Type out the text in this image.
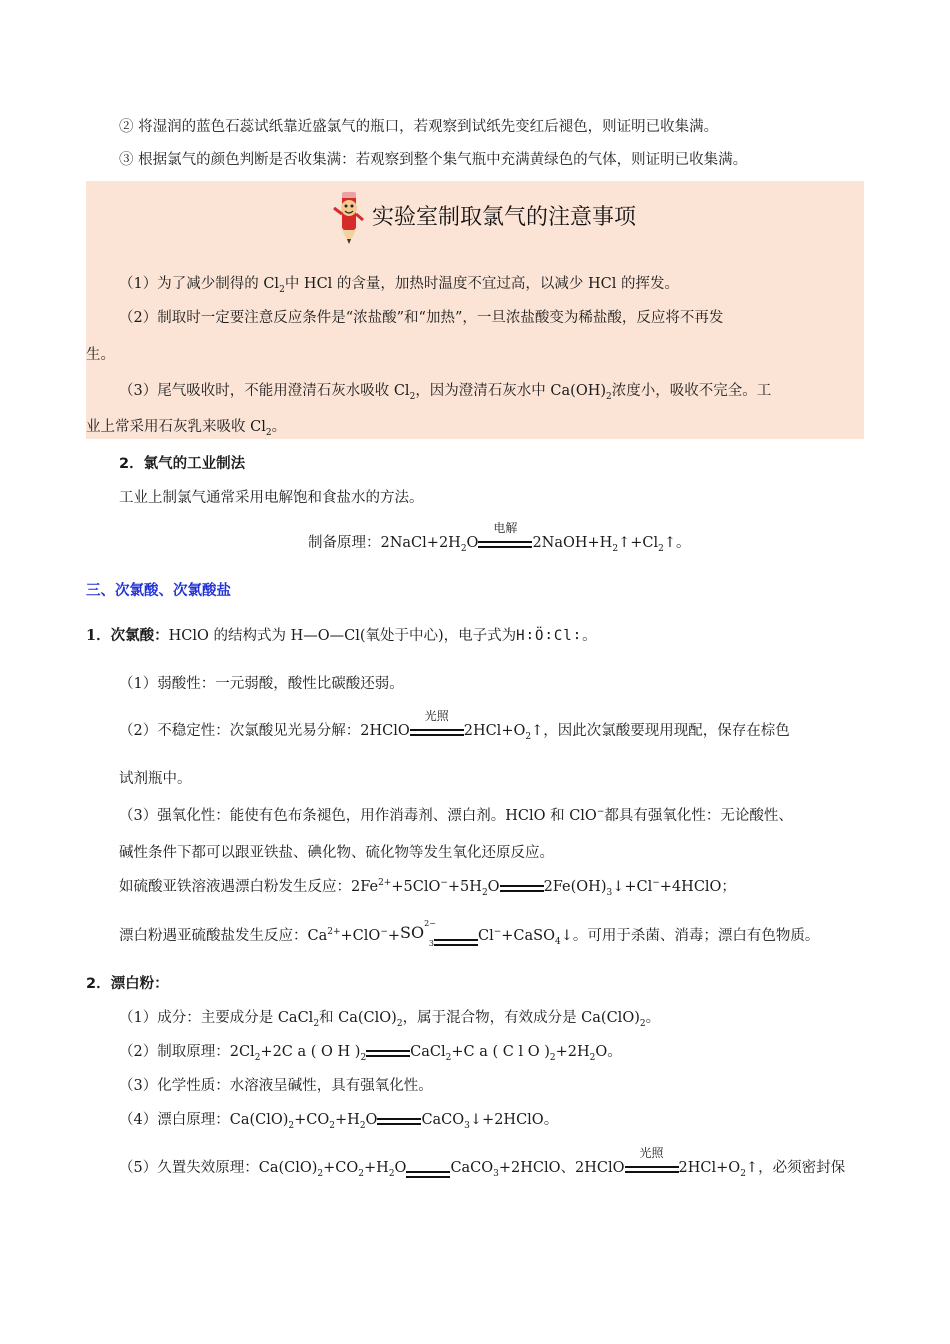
② 将湿润的蓝色石蕊试纸靠近盛氯气的瓶口，若观察到试纸先变红后褪色，则证明已收集满。
③ 根据氯气的颜色判断是否收集满：若观察到整个集气瓶中充满黄绿色的气体，则证明已收集满。
实验室制取氯气的注意事项
（1）为了减少制得的 $Cl_2$中 HCl 的含量，加热时温度不宜过高，以减少 HCl 的挥发。
（2）制取时一定要注意反应条件是“浓盐酸”和“加热”，一旦浓盐酸变为稀盐酸，反应将不再发
生。
（3）尾气吸收时，不能用澄清石灰水吸收 $Cl_2$，因为澄清石灰水中 $Ca(OH)_2$浓度小，吸收不完全。工
业上常采用石灰乳来吸收 $Cl_2$。
2．氯气的工业制法
工业上制氯气通常采用电解饱和食盐水的方法。
制备原理：$2NaCl+2H_2O$
电解
$2NaOH+H_2↑+Cl_2↑$。
三、次氯酸、次氯酸盐
1．次氯酸：HClO 的结构式为 H—O—Cl(氧处于中心)，电子式为H∶Ö∶Cl∶。
（1）弱酸性：一元弱酸，酸性比碳酸还弱。
（2）不稳定性：次氯酸见光易分解：2HClO
光照
$2HCl+O_2↑$，因此次氯酸要现用现配，保存在棕色
试剂瓶中。
（3）强氧化性：能使有色布条褪色，用作消毒剂、漂白剂。HClO 和 ClO−都具有强氧化性：无论酸性、
碱性条件下都可以跟亚铁盐、碘化物、硫化物等发生氧化还原反应。
如硫酸亚铁溶液遇漂白粉发生反应：$2Fe^{2+}+5ClO^-+5H_2O$	$2Fe(OH)_3↓+Cl^-+4HClO$；
漂白粉遇亚硫酸盐发生反应：$Ca^{2+}+ClO^-+SO^{2-}_3$	Cl−+CaSO$_4$↓。可用于杀菌、消毒；漂白有色物质。
2．漂白粉：
（1）成分：主要成分是 CaCl$_2$和 $Ca(ClO)_2$，属于混合物，有效成分是 $Ca(ClO)_2$。
（2）制取原理：$2Cl_2+2C$ a ( O H )$_2$	CaCl$_2$+C a ( C l O )$_2+2H_2O$。
（3）化学性质：水溶液呈碱性，具有强氧化性。
（4）漂白原理：$Ca(ClO)_2+CO_2+H_2O$	CaCO$_3$↓+2HClO。
（5）久置失效原理：$Ca(ClO)_2+CO_2+H_2O$	CaCO$_3$+2HClO、2HClO
光照
$2HCl+O_2↑$，必须密封保
